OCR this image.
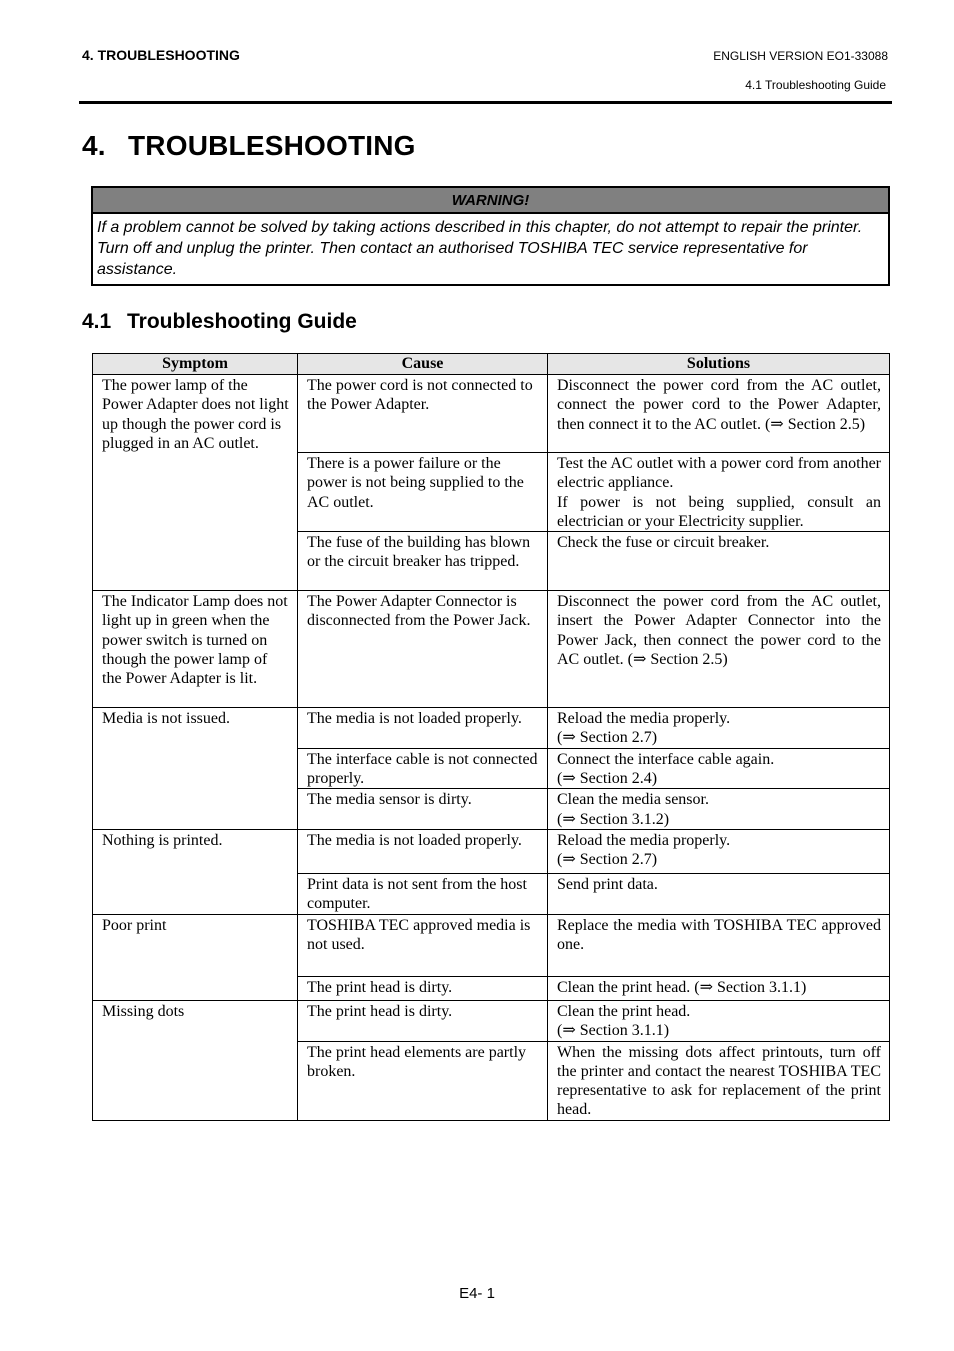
4. TROUBLESHOOTING	ENGLISH VERSION EO1-33088
4.1 Troubleshooting Guide
4. TROUBLESHOOTING
WARNING!
If a problem cannot be solved by taking actions described in this chapter, do not attempt to repair the printer. Turn off and unplug the printer. Then contact an authorised TOSHIBA TEC service representative for assistance.
4.1 Troubleshooting Guide
Symptom	Cause	Solutions
The power lamp of the Power Adapter does not light up though the power cord is plugged in an AC outlet.	The power cord is not connected to the Power Adapter.	Disconnect the power cord from the AC outlet, connect the power cord to the Power Adapter, then connect it to the AC outlet. (⇒ Section 2.5)
	There is a power failure or the power is not being supplied to the AC outlet.	Test the AC outlet with a power cord from another electric appliance.
If power is not being supplied, consult an electrician or your Electricity supplier.
	The fuse of the building has blown or the circuit breaker has tripped.	Check the fuse or circuit breaker.
The Indicator Lamp does not light up in green when the power switch is turned on though the power lamp of the Power Adapter is lit.	The Power Adapter Connector is disconnected from the Power Jack.	Disconnect the power cord from the AC outlet, insert the Power Adapter Connector into the Power Jack, then connect the power cord to the AC outlet. (⇒ Section 2.5)
Media is not issued.	The media is not loaded properly.	Reload the media properly.
(⇒ Section 2.7)
	The interface cable is not connected properly.	Connect the interface cable again.
(⇒ Section 2.4)
	The media sensor is dirty.	Clean the media sensor.
(⇒ Section 3.1.2)
Nothing is printed.	The media is not loaded properly.	Reload the media properly.
(⇒ Section 2.7)
	Print data is not sent from the host computer.	Send print data.
Poor print	TOSHIBA TEC approved media is not used.	Replace the media with TOSHIBA TEC approved one.
	The print head is dirty.	Clean the print head. (⇒ Section 3.1.1)
Missing dots	The print head is dirty.	Clean the print head.
(⇒ Section 3.1.1)
	The print head elements are partly broken.	When the missing dots affect printouts, turn off the printer and contact the nearest TOSHIBA TEC representative to ask for replacement of the print head.
E4- 1
